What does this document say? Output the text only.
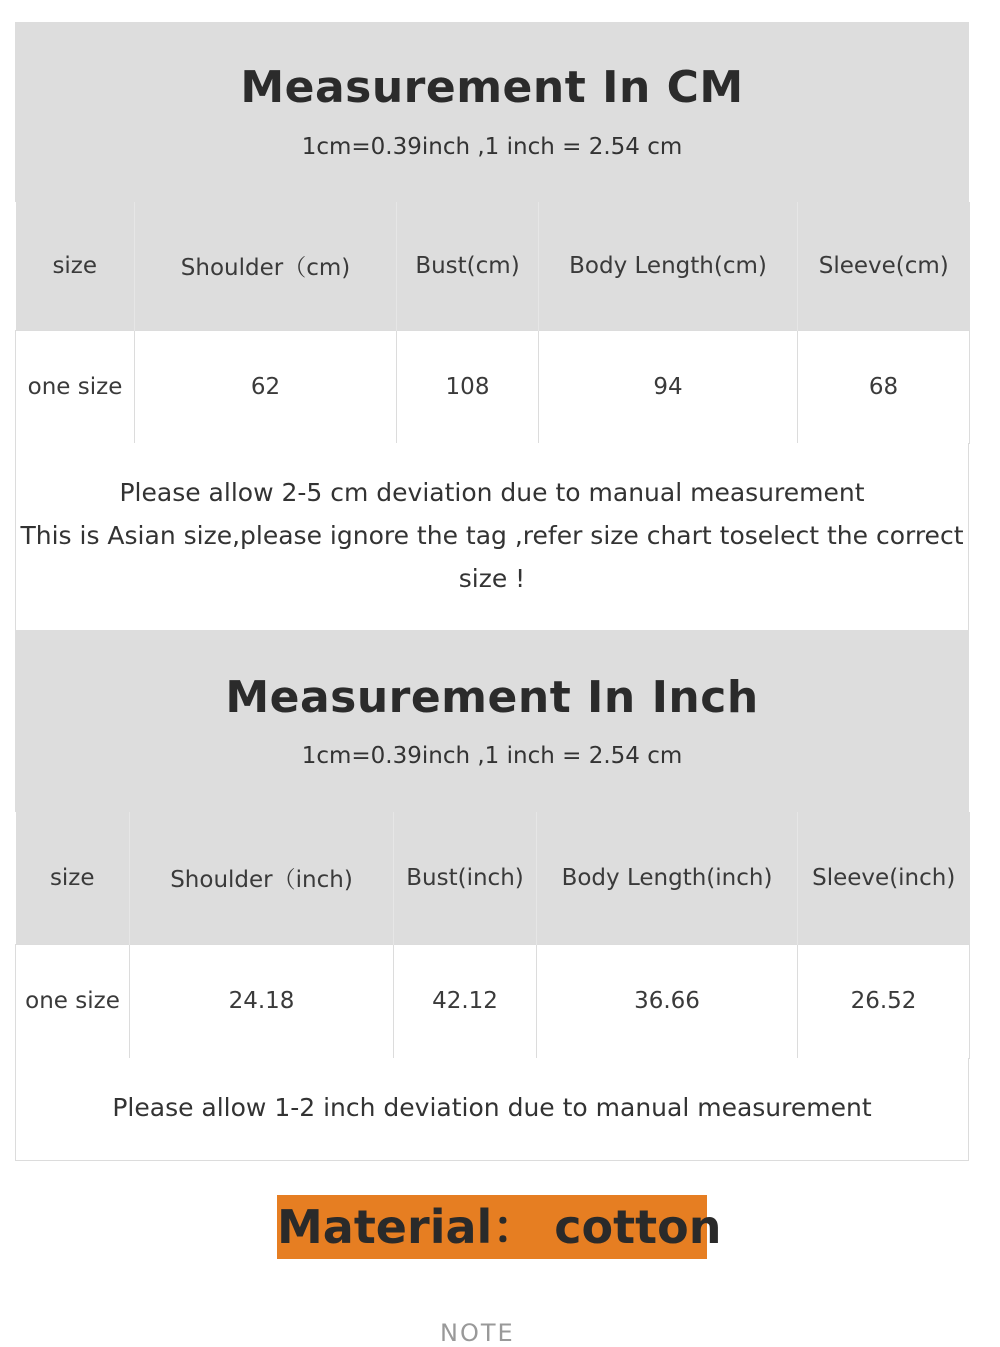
Measurement In CM
1cm=0.39inch ,1 inch = 2.54 cm
size	Shoulder（cm)	Bust(cm)	Body Length(cm)	Sleeve(cm)
one size	62	108	94	68
Please allow 2-5 cm deviation due to manual measurement
This is Asian size,please ignore the tag ,refer size chart toselect the correct
size !
Measurement In Inch
1cm=0.39inch ,1 inch = 2.54 cm
size	Shoulder（inch)	Bust(inch)	Body Length(inch)	Sleeve(inch)
one size	24.18	42.12	36.66	26.52
Please allow 1-2 inch deviation due to manual measurement
Material： cotton
NOTE
